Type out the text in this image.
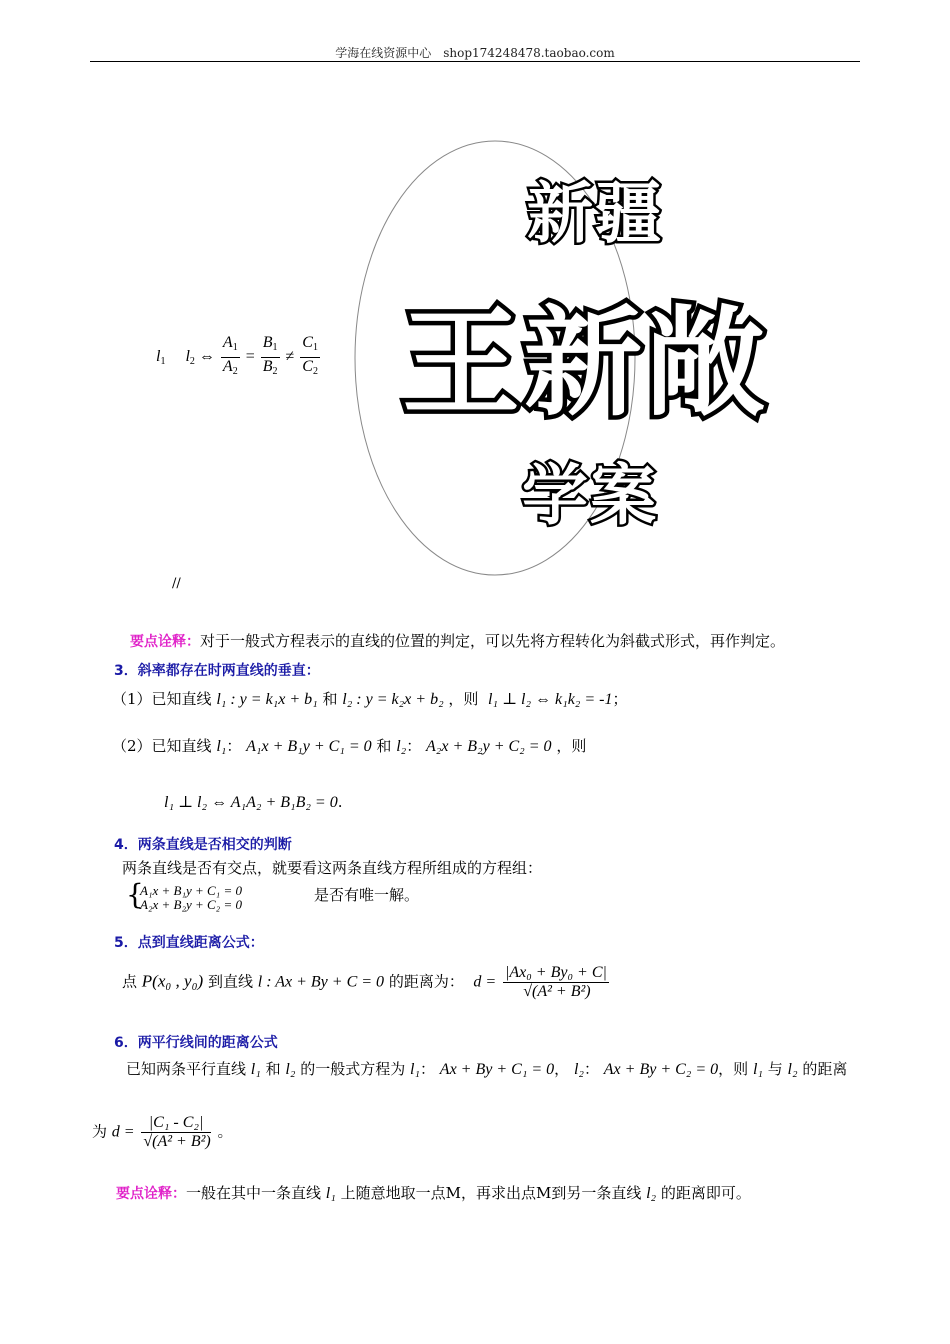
学海在线资源中心　shop174248478.taobao.com
新疆
王新敞
学案
$l_1$ $l_2$ ⇔ $\frac{A_1}{A_2} = \frac{B_1}{B_2} \ne \frac{C_1}{C_2}$
//
要点诠释：对于一般式方程表示的直线的位置的判定，可以先将方程转化为斜截式形式，再作判定。
3．斜率都存在时两直线的垂直：
（1）已知直线 l₁ : y = k₁x + b₁ 和 l₂ : y = k₂x + b₂ ，则 l₁ ⊥ l₂ ⇔ k₁k₂ = -1；
（2）已知直线 l₁： A₁x + B₁y + C₁ = 0 和 l₂： A₂x + B₂y + C₂ = 0 ，则
l₁ ⊥ l₂ ⇔ A₁A₂ + B₁B₂ = 0.
4．两条直线是否相交的判断
两条直线是否有交点，就要看这两条直线方程所组成的方程组：
{
A₁x + B₁y + C₁ = 0
A₂x + B₂y + C₂ = 0
是否有唯一解。
5．点到直线距离公式：
点 P(x₀ , y₀) 到直线 l : Ax + By + C = 0 的距离为： $d = \frac{\text{|Ax₀ + By₀ + C|}}{\text{√(A² + B²)}}$
6．两平行线间的距离公式
已知两条平行直线 l₁ 和 l₂ 的一般式方程为 l₁： Ax + By + C₁ = 0， l₂： Ax + By + C₂ = 0，则 l₁ 与 l₂ 的距离
为 $d = \frac{\text{|C₁ - C₂|}}{\text{√(A² + B²)}}$ 。
要点诠释：一般在其中一条直线 l₁ 上随意地取一点M，再求出点M到另一条直线 l₂ 的距离即可。
